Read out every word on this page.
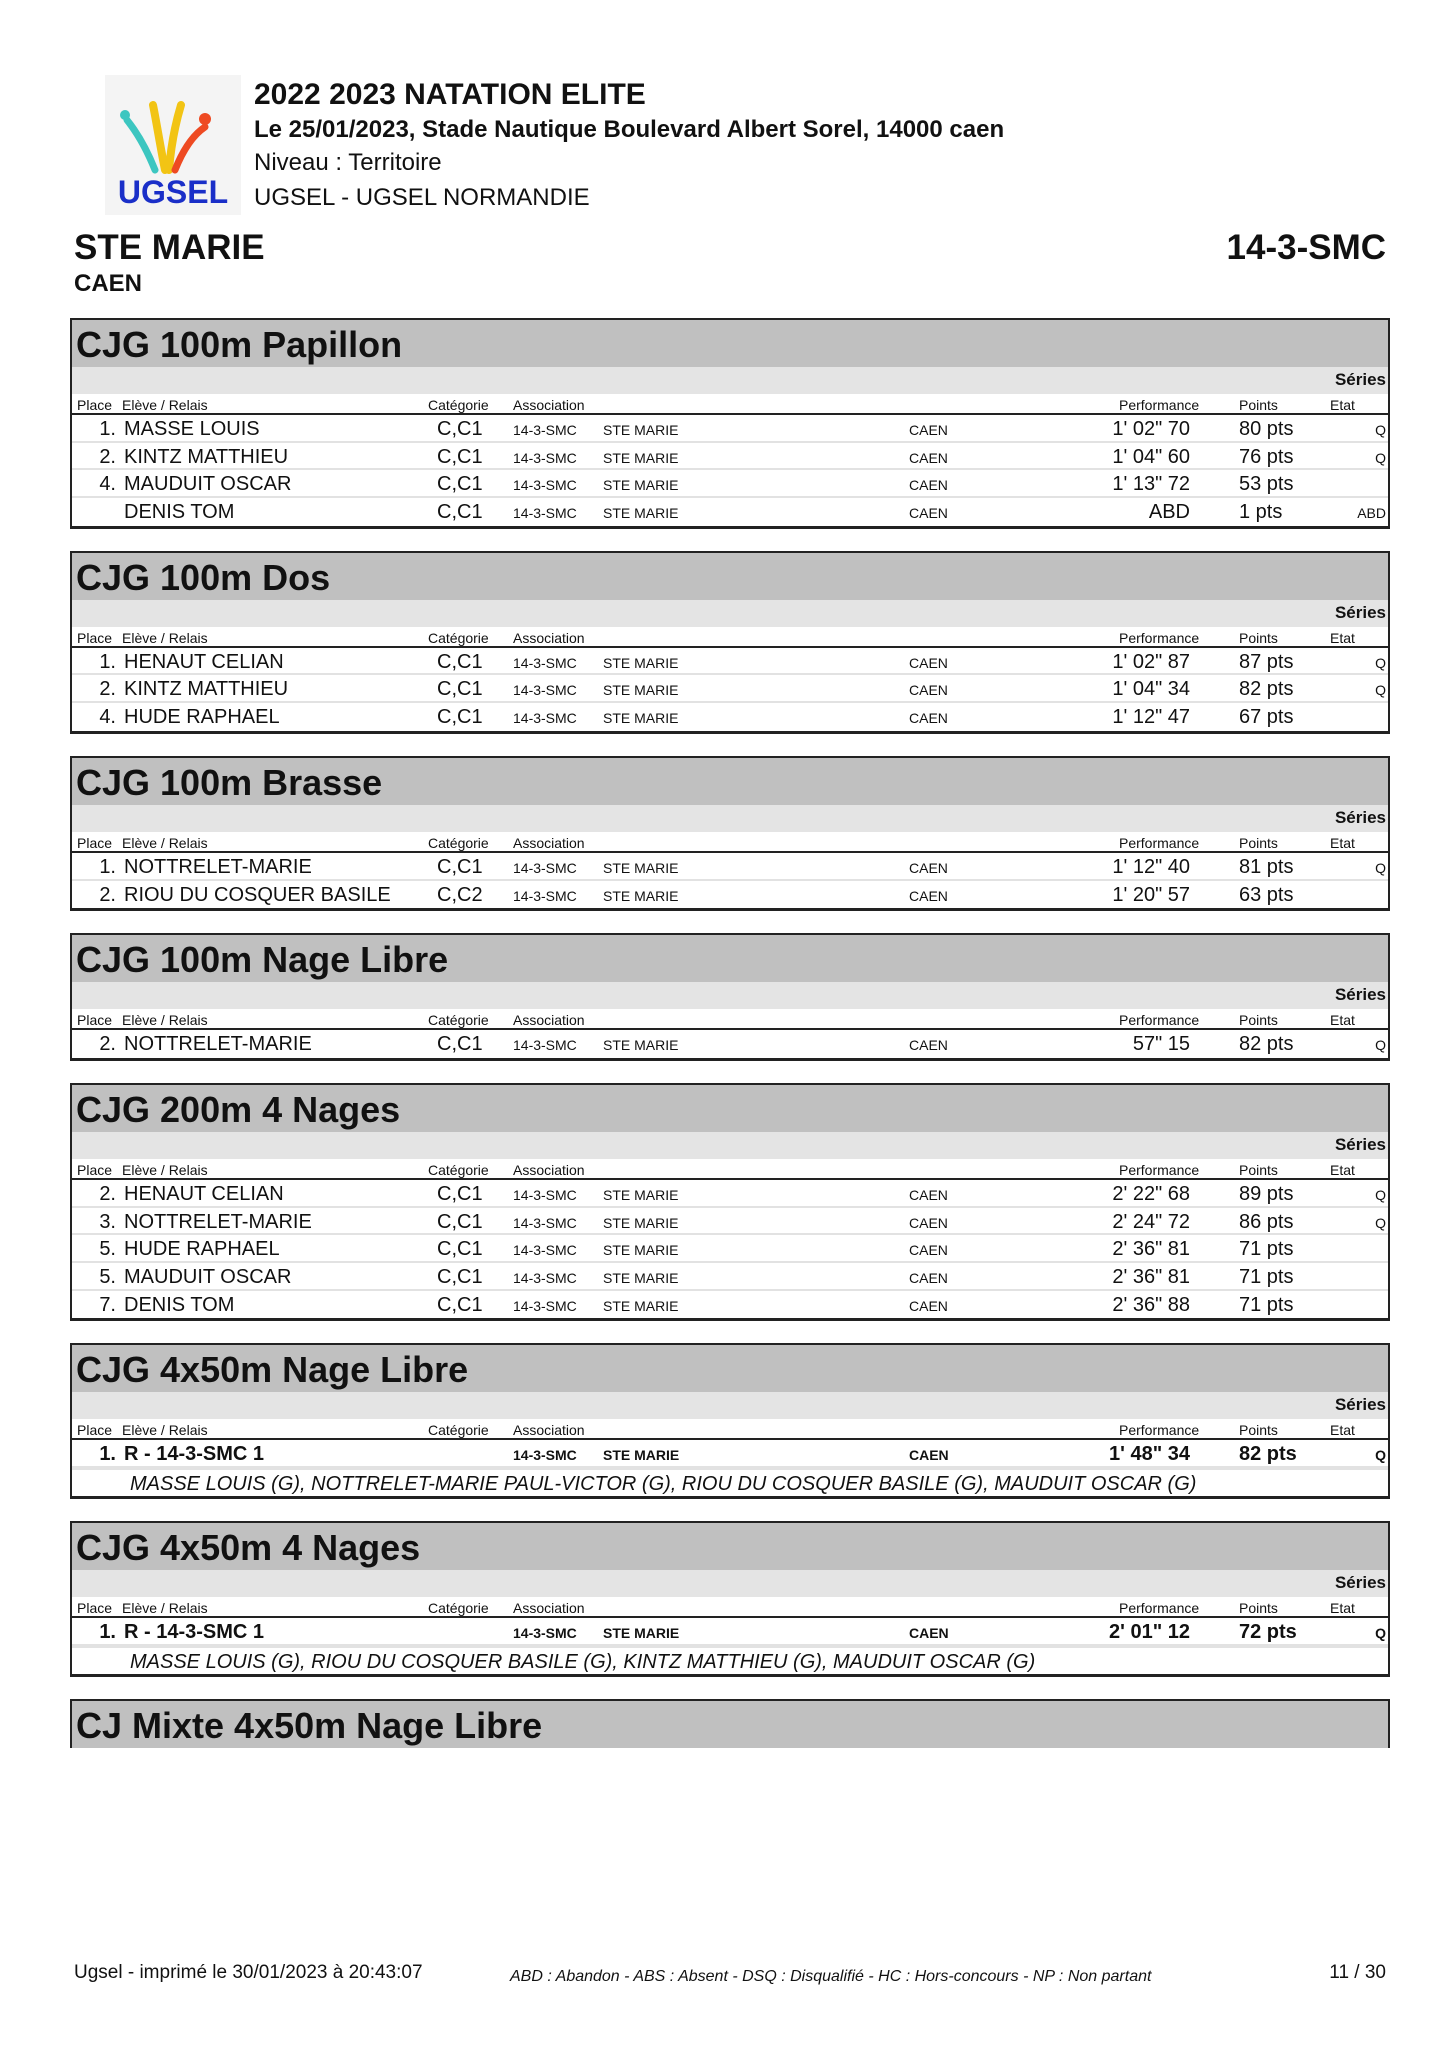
UGSEL
2022 2023 NATATION ELITE
Le 25/01/2023, Stade Nautique Boulevard Albert Sorel, 14000 caen
Niveau : Territoire
UGSEL - UGSEL NORMANDIE
STE MARIE
CAEN
14-3-SMC
CJG 100m Papillon
Séries
Place Elève / Relais	Catégorie Association	Performance	Points	Etat
1. MASSE LOUIS	C,C1 14-3-SMC STE MARIE	CAEN	1' 02" 70 80 pts	Q
2. KINTZ MATTHIEU	C,C1 14-3-SMC STE MARIE	CAEN	1' 04" 60 76 pts	Q
4. MAUDUIT OSCAR	C,C1 14-3-SMC STE MARIE	CAEN	1' 13" 72 53 pts
DENIS TOM	C,C1 14-3-SMC STE MARIE	CAEN	ABD 1 pts	ABD
CJG 100m Dos
Séries
Place Elève / Relais	Catégorie Association	Performance	Points	Etat
1. HENAUT CELIAN	C,C1 14-3-SMC STE MARIE	CAEN	1' 02" 87 87 pts	Q
2. KINTZ MATTHIEU	C,C1 14-3-SMC STE MARIE	CAEN	1' 04" 34 82 pts	Q
4. HUDE RAPHAEL	C,C1 14-3-SMC STE MARIE	CAEN	1' 12" 47 67 pts
CJG 100m Brasse
Séries
Place Elève / Relais	Catégorie Association	Performance	Points	Etat
1. NOTTRELET-MARIE	C,C1 14-3-SMC STE MARIE	CAEN	1' 12" 40 81 pts	Q
2. RIOU DU COSQUER BASILE C,C2 14-3-SMC STE MARIE	CAEN	1' 20" 57 63 pts
CJG 100m Nage Libre
Séries
Place Elève / Relais	Catégorie Association	Performance	Points	Etat
2. NOTTRELET-MARIE	C,C1 14-3-SMC STE MARIE	CAEN	57" 15 82 pts	Q
CJG 200m 4 Nages
Séries
Place Elève / Relais	Catégorie Association	Performance	Points	Etat
2. HENAUT CELIAN	C,C1 14-3-SMC STE MARIE	CAEN	2' 22" 68 89 pts	Q
3. NOTTRELET-MARIE	C,C1 14-3-SMC STE MARIE	CAEN	2' 24" 72 86 pts	Q
5. HUDE RAPHAEL	C,C1 14-3-SMC STE MARIE	CAEN	2' 36" 81 71 pts
5. MAUDUIT OSCAR	C,C1 14-3-SMC STE MARIE	CAEN	2' 36" 81 71 pts
7. DENIS TOM	C,C1 14-3-SMC STE MARIE	CAEN	2' 36" 88 71 pts
CJG 4x50m Nage Libre
Séries
Place Elève / Relais	Catégorie Association	Performance	Points	Etat
1. R - 14-3-SMC 1	14-3-SMC STE MARIE	CAEN	1' 48" 34 82 pts	Q
MASSE LOUIS (G), NOTTRELET-MARIE PAUL-VICTOR (G), RIOU DU COSQUER BASILE (G), MAUDUIT OSCAR (G)
CJG 4x50m 4 Nages
Séries
Place Elève / Relais	Catégorie Association	Performance	Points	Etat
1. R - 14-3-SMC 1	14-3-SMC STE MARIE	CAEN	2' 01" 12 72 pts	Q
MASSE LOUIS (G), RIOU DU COSQUER BASILE (G), KINTZ MATTHIEU (G), MAUDUIT OSCAR (G)
CJ Mixte 4x50m Nage Libre
Ugsel - imprimé le 30/01/2023 à 20:43:07	ABD : Abandon - ABS : Absent - DSQ : Disqualifié - HC : Hors-concours - NP : Non partant	11 / 30
